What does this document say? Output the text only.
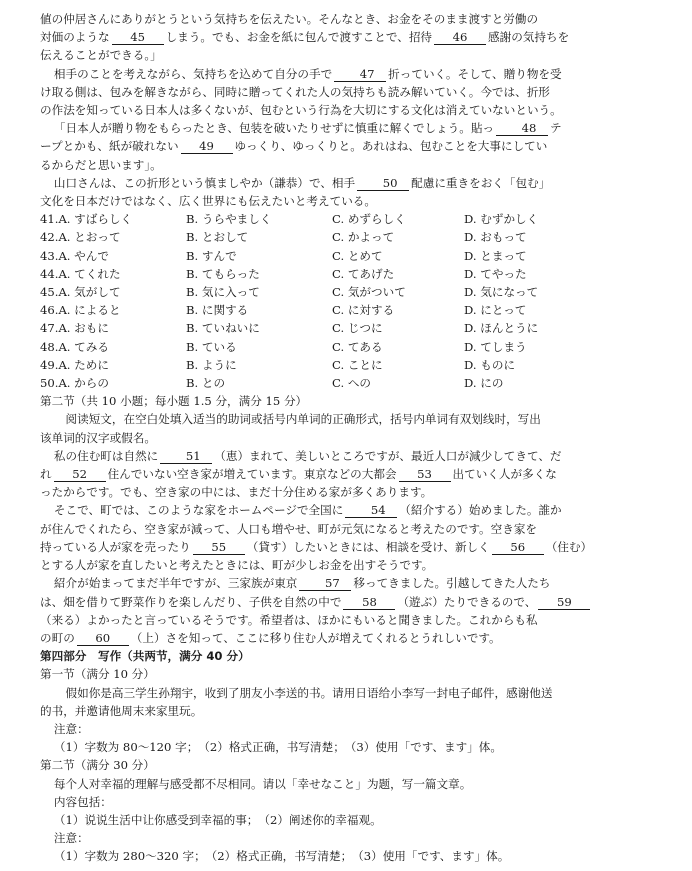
値の仲居さんにありがとうという気持ちを伝えたい。そんなとき、お金をそのまま渡すと労働の

対価のような 45 しまう。でも、お金を紙に包んで渡すことで、招待 46 感謝の気持ちを

伝えることができる。」

相手のことを考えながら、気持ちを込めて自分の手で 47 折っていく。そして、贈り物を受

け取る側は、包みを解きながら、同時に贈ってくれた人の気持ちも読み解いていく。今では、折形

の作法を知っている日本人は多くないが、包むという行為を大切にする文化は消えていないという。

「日本人が贈り物をもらったとき、包装を破いたりせずに慎重に解くでしょう。貼っ 48 テ

ープとかも、紙が破れない 49 ゆっくり、ゆっくりと。あれはね、包むことを大事にしてい

るからだと思います」。

山口さんは、この折形という慎ましやか（謙恭）で、相手 50 配慮に重きをおく「包む」

文化を日本だけではなく、広く世界にも伝えたいと考えている。

41.A. すばらしく	B. うらやましく	C. めずらしく	D. むずかしく
42.A. とおって	B. とおして	C. かよって	D. おもって
43.A. やんで	B. すんで	C. とめて	D. とまって
44.A. てくれた	B. てもらった	C. てあげた	D. てやった
45.A. 気がして	B. 気に入って	C. 気がついて	D. 気になって
46.A. によると	B. に関する	C. に対する	D. にとって
47.A. おもに	B. ていねいに	C. じつに	D. ほんとうに
48.A. てみる	B. ている	C. てある	D. てしまう
49.A. ために	B. ように	C. ことに	D. ものに
50.A. からの	B. との	C. への	D. にの

第二节（共 10 小题；每小题 1.5 分，满分 15 分）

阅读短文，在空白处填入适当的助词或括号内单词的正确形式，括号内单词有双划线时，写出

该单词的汉字或假名。

私の住む町は自然に 51 （恵）まれて、美しいところですが、最近人口が減少してきて、だ

れ 52 住んでいない空き家が増えています。東京などの大都会 53 出ていく人が多くな

ったからです。でも、空き家の中には、まだ十分住める家が多くあります。

そこで、町では、このような家をホームページで全国に 54 （紹介する）始めました。誰か

が住んでくれたら、空き家が減って、人口も増やせ、町が元気になると考えたのです。空き家を

持っている人が家を売ったり 55 （貸す）したいときには、相談を受け、新しく 56 （住む）

とする人が家を直したいと考えたときには、町が少しお金を出すそうです。

紹介が始まってまだ半年ですが、三家族が東京 57 移ってきました。引越してきた人たち

は、畑を借りて野菜作りを楽しんだり、子供を自然の中で 58 （遊ぶ）たりできるので、 59

（来る）よかったと言っているそうです。希望者は、ほかにもいると聞きました。これからも私

の町の 60 （上）さを知って、ここに移り住む人が増えてくれるとうれしいです。

第四部分　写作（共两节，满分 40 分）

第一节（满分 10 分）

假如你是高三学生孙翔宇，收到了朋友小李送的书。请用日语给小李写一封电子邮件，感谢他送

的书，并邀请他周末来家里玩。

注意：

（1）字数为 80～120 字；　（2）格式正确，书写清楚；　（3）使用「です、ます」体。

第二节（满分 30 分）

每个人对幸福的理解与感受都不尽相同。请以「幸せなこと」为题，写一篇文章。

内容包括：

（1）说说生活中让你感受到幸福的事；　（2）阐述你的幸福观。

注意：

（1）字数为 280～320 字；　（2）格式正确，书写清楚；　（3）使用「です、ます」体。
